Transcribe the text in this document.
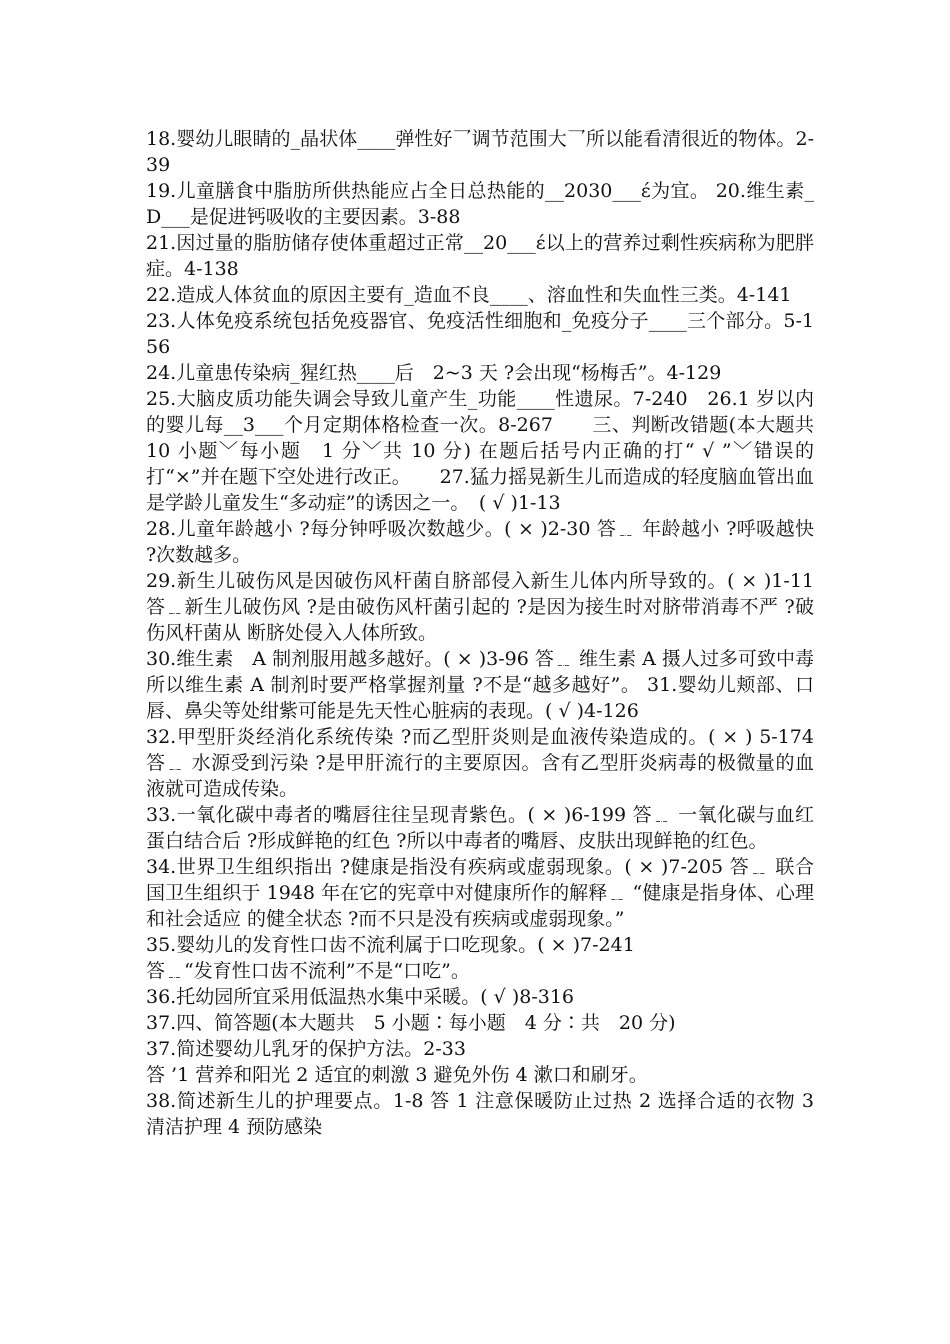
18.婴幼儿眼睛的_晶状体____弹性好乛调节范围大乛所以能看清很近的物体。2-39

19.儿童膳食中脂肪所供热能应占全日总热能的__2030___ɛ́为宜。 20.维生素_D___是促进钙吸收的主要因素。3-88

21.因过量的脂肪储存使体重超过正常__20___ɛ́以上的营养过剩性疾病称为肥胖症。4-138

22.造成人体贫血的原因主要有_造血不良____、溶血性和失血性三类。4-141

23.人体免疫系统包括免疫器官、免疫活性细胞和_免疫分子____三个部分。5-156

24.儿童患传染病_猩红热____后　2~3 天 ?会出现“杨梅舌”。4-129

25.大脑皮质功能失调会导致儿童产生_功能____性遗尿。7-240　26.1 岁以内的婴儿每__3___个月定期体格检查一次。8-267　　三、判断改错题(本大题共　10 小题﹀每小题　1 分﹀共 10 分) 在题后括号内正确的打“ √ ”﹀错误的打“×”并在题下空处进行改正。　　27.猛力摇晃新生儿而造成的轻度脑血管出血是学龄儿童发生“多动症”的诱因之一。　( √ )1-13

28.儿童年龄越小 ?每分钟呼吸次数越少。( × )2-30 答﹎ 年龄越小 ?呼吸越快 ?次数越多。

29.新生儿破伤风是因破伤风杆菌自脐部侵入新生儿体内所导致的。( × )1-11 答﹎新生儿破伤风 ?是由破伤风杆菌引起的 ?是因为接生时对脐带消毒不严 ?破伤风杆菌从 断脐处侵入人体所致。

30.维生素　A 制剂服用越多越好。( × )3-96 答﹎ 维生素 A 摄人过多可致中毒所以维生素 A 制剂时要严格掌握剂量 ?不是“越多越好”。 31.婴幼儿颊部、口唇、鼻尖等处绀紫可能是先天性心脏病的表现。( √ )4-126

32.甲型肝炎经消化系统传染 ?而乙型肝炎则是血液传染造成的。( × ) 5-174 答﹎ 水源受到污染 ?是甲肝流行的主要原因。含有乙型肝炎病毒的极微量的血液就可造成传染。

33.一氧化碳中毒者的嘴唇往往呈现青紫色。( × )6-199 答﹎ 一氧化碳与血红蛋白结合后 ?形成鲜艳的红色 ?所以中毒者的嘴唇、皮肤出现鲜艳的红色。

34.世界卫生组织指出 ?健康是指没有疾病或虚弱现象。( × )7-205 答﹎ 联合国卫生组织于 1948 年在它的宪章中对健康所作的解释﹎ “健康是指身体、心理和社会适应 的健全状态 ?而不只是没有疾病或虚弱现象。”

35.婴幼儿的发育性口齿不流利属于口吃现象。( × )7-241

答﹎“发育性口齿不流利”不是“口吃”。

36.托幼园所宜采用低温热水集中采暖。( √ )8-316

37.四、简答题(本大题共　5 小题∶每小题　4 分∶共　20 分)

37.简述婴幼儿乳牙的保护方法。2-33

答 ’1 营养和阳光 2 适宜的刺激 3 避免外伤 4 漱口和刷牙。

38.简述新生儿的护理要点。1-8 答 1 注意保暖防止过热 2 选择合适的衣物 3 清洁护理 4 预防感染
